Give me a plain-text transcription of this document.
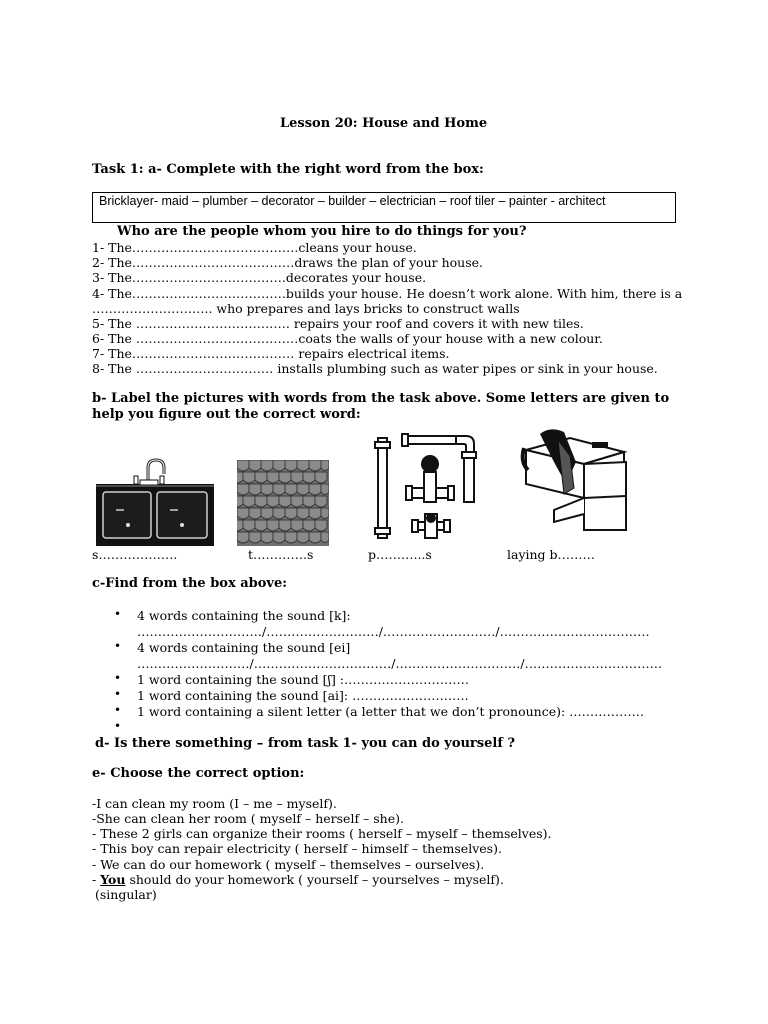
Lesson 20: House and Home
Task 1: a- Complete with the right word from the box:
Bricklayer- maid – plumber – decorator – builder – electrician – roof tiler – painter - architect
Who are the people whom you hire to do things for you?
1- The………………………………….cleans your house.
2- The…………………………………draws the plan of your house.
3- The……………………………….decorates your house.
4- The……………………………….builds your house. He doesn’t work alone. With him, there is a
……………………….. who prepares and lays bricks to construct walls
5- The ………………………………. repairs your roof and covers it with new tiles.
6- The …………………………………coats the walls of your house with a new colour.
7- The………………………………… repairs electrical items.
8- The …………………………… installs plumbing such as water pipes or sink in your house.
b- Label the pictures with words from the task above. Some letters are given to
help you figure out the correct word:
s……………….	t………….s	p………...s	laying b………
c-Find from the box above:
• 4 words containing the sound [k]:
…………………………/………………………/………………………/………………………………
• 4 words containing the sound [ei]
………………………/……………………………/…………………………/……………………………
• 1 word containing the sound [ʃ] :…………………………
• 1 word containing the sound [ai]: ……………………….
• 1 word containing a silent letter (a letter that we don’t pronounce): ………………
•
d- Is there something – from task 1- you can do yourself ?
e- Choose the correct option:
-I can clean my room (I – me – myself).
-She can clean her room ( myself – herself – she).
- These 2 girls can organize their rooms ( herself – myself – themselves).
- This boy can repair electricity ( herself – himself – themselves).
- We can do our homework ( myself – themselves – ourselves).
- You should do your homework ( yourself – yourselves – myself).
(singular)
